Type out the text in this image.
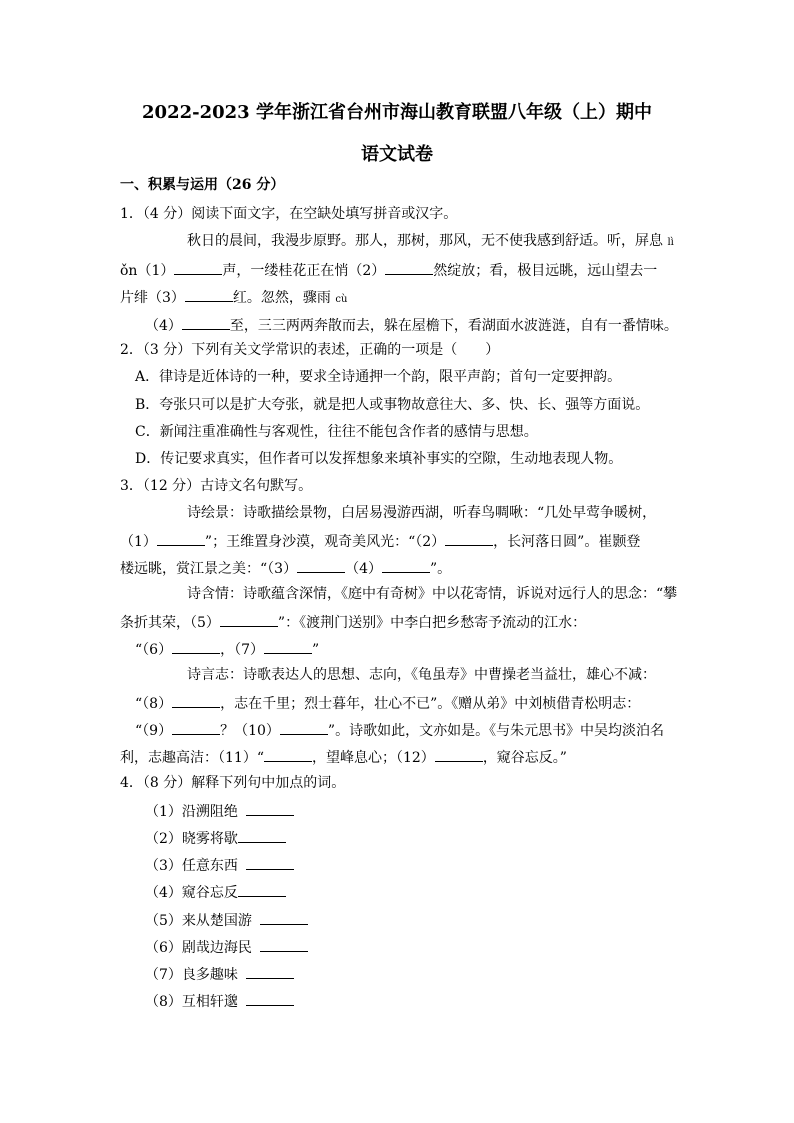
2022-2023 学年浙江省台州市海山教育联盟八年级（上）期中
语文试卷
一、积累与运用（26 分）
1．（4 分）阅读下面文字，在空缺处填写拼音或汉字。
秋日的晨间，我漫步原野。那人，那树，那风，无不使我感到舒适。听，屏息 lì
ǒn（1）	声，一缕桂花正在悄（2）	然绽放；看，极目远眺，远山望去一
片绯（3）	红。忽然，骤雨 cù
（4）	至，三三两两奔散而去，躲在屋檐下，看湖面水波涟涟，自有一番情味。
2．（3 分）下列有关文学常识的表述，正确的一项是（　　）
A．律诗是近体诗的一种，要求全诗通押一个韵，限平声韵；首句一定要押韵。
B．夸张只可以是扩大夸张，就是把人或事物故意往大、多、快、长、强等方面说。
C．新闻注重准确性与客观性，往往不能包含作者的感情与思想。
D．传记要求真实，但作者可以发挥想象来填补事实的空隙，生动地表现人物。
3．（12 分）古诗文名句默写。
诗绘景：诗歌描绘景物，白居易漫游西湖，听春鸟啁啾：“几处早莺争暖树，
（1）	”；王维置身沙漠，观奇美风光：“（2）	，长河落日圆”。崔颢登
楼远眺，赏江景之美：“（3）	（4）	”。
诗含情：诗歌蕴含深情，《庭中有奇树》中以花寄情，诉说对远行人的思念：“攀
条折其荣，（5）	”：《渡荆门送别》中李白把乡愁寄予流动的江水：
“（6）	，（7）	”
诗言志：诗歌表达人的思想、志向，《龟虽寿》中曹操老当益壮，雄心不减：
“（8）	，志在千里；烈士暮年，壮心不已”。《赠从弟》中刘桢借青松明志：
“（9）	？（10）	”。诗歌如此，文亦如是。《与朱元思书》中吴均淡泊名
利，志趣高洁：（11）“	，望峰息心；（12）	，窥谷忘反。”
4．（8 分）解释下列句中加点的词。
（1）沿溯阻绝
（2）晓雾将歇
（3）任意东西
（4）窥谷忘反
（5）来从楚国游
（6）剧哉边海民
（7）良多趣味
（8）互相轩邈
